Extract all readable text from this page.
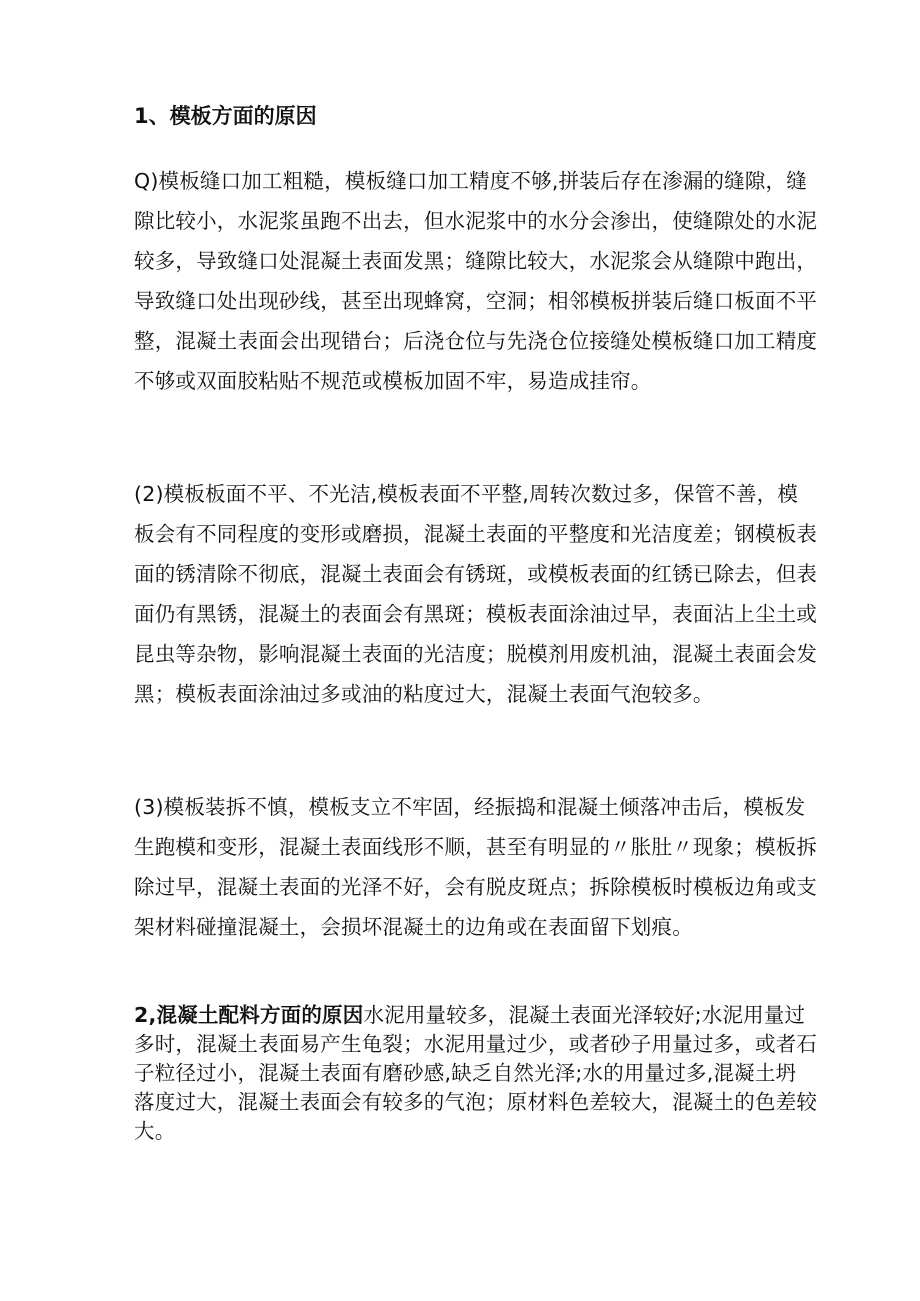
1、模板方面的原因
Q)模板缝口加工粗糙，模板缝口加工精度不够,拼装后存在渗漏的缝隙，缝
隙比较小，水泥浆虽跑不出去，但水泥浆中的水分会渗出，使缝隙处的水泥
较多，导致缝口处混凝土表面发黑；缝隙比较大，水泥浆会从缝隙中跑出，
导致缝口处出现砂线，甚至出现蜂窝，空洞；相邻模板拼装后缝口板面不平
整，混凝土表面会出现错台；后浇仓位与先浇仓位接缝处模板缝口加工精度
不够或双面胶粘贴不规范或模板加固不牢，易造成挂帘。
(2)模板板面不平、不光洁,模板表面不平整,周转次数过多，保管不善，模
板会有不同程度的变形或磨损，混凝土表面的平整度和光洁度差；钢模板表
面的锈清除不彻底，混凝土表面会有锈斑，或模板表面的红锈已除去，但表
面仍有黑锈，混凝土的表面会有黑斑；模板表面涂油过早，表面沾上尘土或
昆虫等杂物，影响混凝土表面的光洁度；脱模剂用废机油，混凝土表面会发
黑；模板表面涂油过多或油的粘度过大，混凝土表面气泡较多。
(3)模板装拆不慎，模板支立不牢固，经振捣和混凝土倾落冲击后，模板发
生跑模和变形，混凝土表面线形不顺，甚至有明显的〃胀肚〃现象；模板拆
除过早，混凝土表面的光泽不好，会有脱皮斑点；拆除模板时模板边角或支
架材料碰撞混凝土，会损坏混凝土的边角或在表面留下划痕。
2,混凝土配料方面的原因水泥用量较多，混凝土表面光泽较好;水泥用量过
多时，混凝土表面易产生龟裂；水泥用量过少，或者砂子用量过多，或者石
子粒径过小，混凝土表面有磨砂感,缺乏自然光泽;水的用量过多,混凝土坍
落度过大，混凝土表面会有较多的气泡；原材料色差较大，混凝土的色差较
大。
